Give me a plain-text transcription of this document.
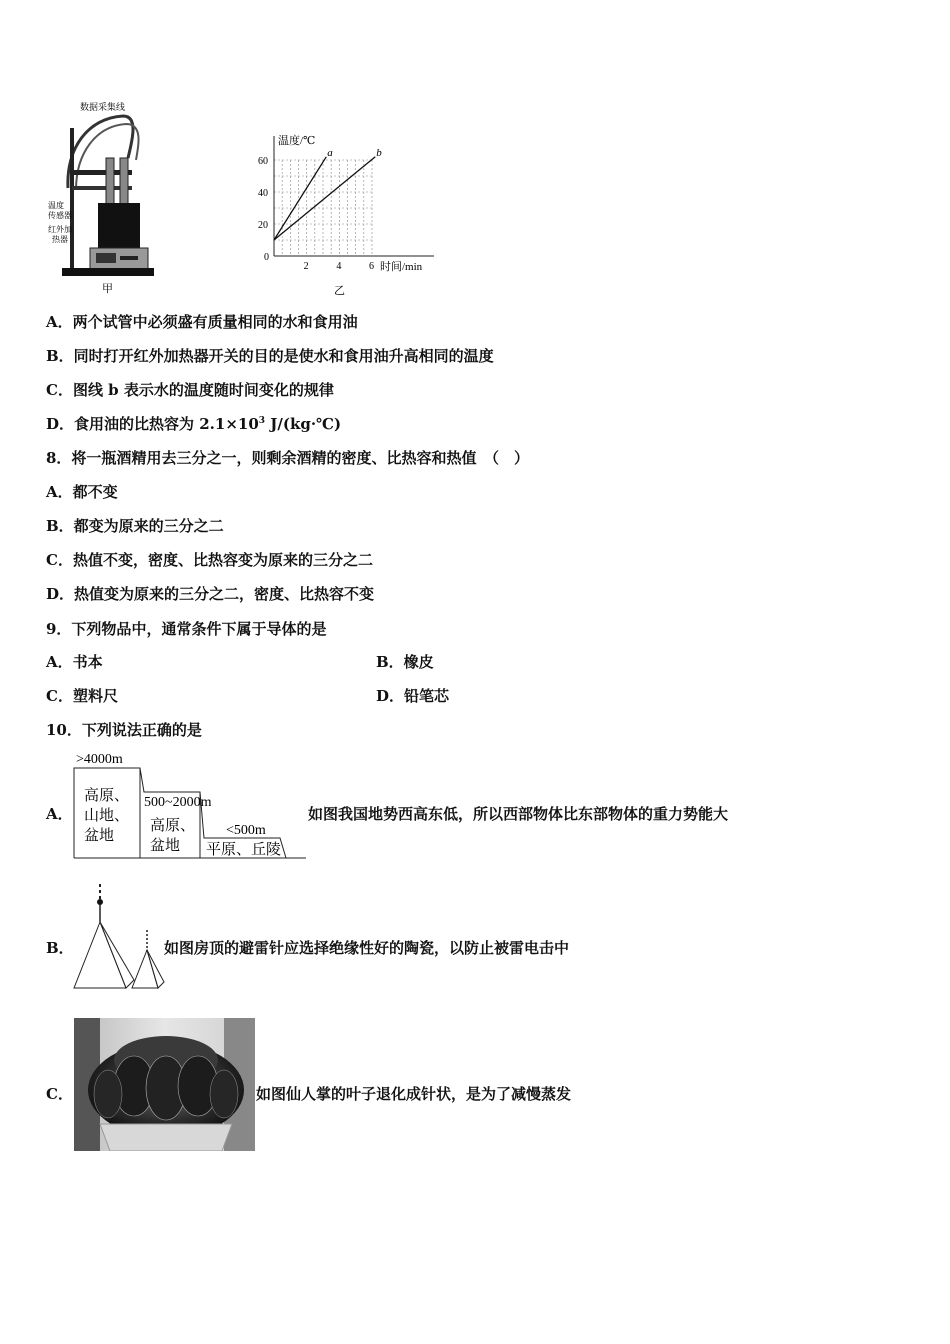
数据采集线
温度
传感器
红外加
热器
甲
温度/℃
时间/min
乙
2	4	6
0
20
40
60
a	b
A．两个试管中必须盛有质量相同的水和食用油
B．同时打开红外加热器开关的目的是使水和食用油升高相同的温度
C．图线 b 表示水的温度随时间变化的规律
D．食用油的比热容为 $2.1\times 10^3$ J/(kg·℃)
8．将一瓶酒精用去三分之一，则剩余酒精的密度、比热容和热值　（　）
A．都不变
B．都变为原来的三分之二
C．热值不变，密度、比热容变为原来的三分之二
D．热值变为原来的三分之二，密度、比热容不变
9．下列物品中，通常条件下属于导体的是
A．书本	B．橡皮
C．塑料尺	D．铅笔芯
10．下列说法正确的是
A．
>4000m
高原、
山地、
盆地
500~2000m
高原、
盆地
<500m
平原、丘陵
如图我国地势西高东低，所以西部物体比东部物体的重力势能大
B．	如图房顶的避雷针应选择绝缘性好的陶瓷，以防止被雷电击中
C．	如图仙人掌的叶子退化成针状，是为了减慢蒸发
